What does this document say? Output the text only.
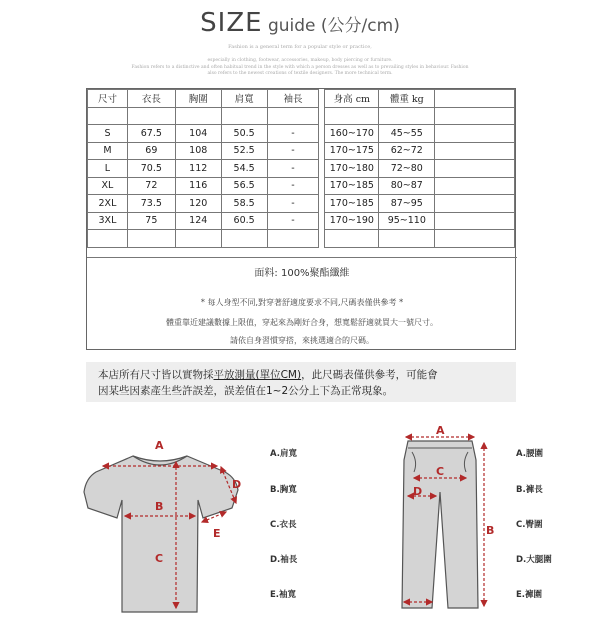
SIZE guide (公分/cm)
Fashion is a general term for a popular style or practice,
especially in clothing, footwear, accessories, makeup, body piercing or furniture.
Fashion refers to a distinctive and often habitual trend in the style with which a person dresses as well as to prevailing styles in behaviour. Fashion
also refers to the newest creations of textile designers. The more technical term.
尺寸	衣長	胸圍	肩寬	袖長		身高 cm	體重 kg	

S	67.5	104	50.5	-		160~170	45~55	
M	69	108	52.5	-		170~175	62~72	
L	70.5	112	54.5	-		170~180	72~80	
XL	72	116	56.5	-		170~185	80~87	
2XL	73.5	120	58.5	-		170~185	87~95	
3XL	75	124	60.5	-		170~190	95~110	

面料: 100%聚酯纖維
* 每人身型不同,對穿著舒適度要求不同,尺碼表僅供參考 *
體重靠近建議數據上限值，穿起來為剛好合身，想寬鬆舒適就買大一號尺寸。
請依自身習慣穿搭，來挑選適合的尺碼。
本店所有尺寸皆以實物採平放測量(單位CM)，此尺碼表僅供參考，可能會
因某些因素產生些許誤差，誤差值在1~2公分上下為正常現象。
A
B
C
D
E
A
B
C
D
A.肩寬
B.胸寬
C.衣長
D.袖長
E.袖寬
A.腰圍
B.褲長
C.臀圍
D.大腿圍
E.褲圍
